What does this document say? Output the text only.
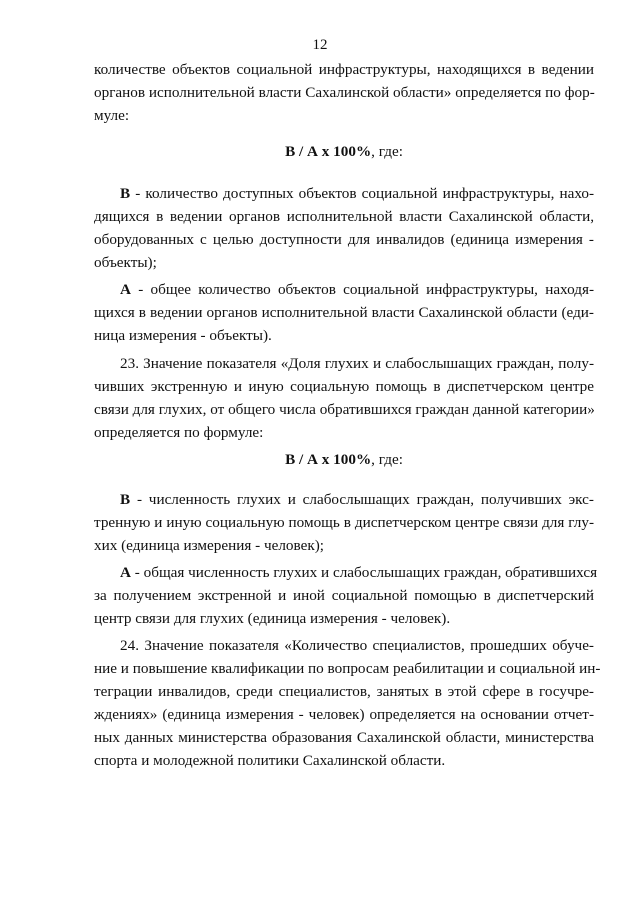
12
количестве объектов социальной инфраструктуры, находящихся в ведении
органов исполнительной власти Сахалинской области» определяется по фор-
муле:
В / А х 100%, где:
В - количество доступных объектов социальной инфраструктуры, нахо-
дящихся в ведении органов исполнительной власти Сахалинской области,
оборудованных с целью доступности для инвалидов (единица измерения -
объекты);
А - общее количество объектов социальной инфраструктуры, находя-
щихся в ведении органов исполнительной власти Сахалинской области (еди-
ница измерения - объекты).
23. Значение показателя «Доля глухих и слабослышащих граждан, полу-
чивших экстренную и иную социальную помощь в диспетчерском центре
связи для глухих, от общего числа обратившихся граждан данной категории»
определяется по формуле:
В / А х 100%, где:
В - численность глухих и слабослышащих граждан, получивших экс-
тренную и иную социальную помощь в диспетчерском центре связи для глу-
хих (единица измерения - человек);
А - общая численность глухих и слабослышащих граждан, обратившихся
за получением экстренной и иной социальной помощью в диспетчерский
центр связи для глухих (единица измерения - человек).
24. Значение показателя «Количество специалистов, прошедших обуче-
ние и повышение квалификации по вопросам реабилитации и социальной ин-
теграции инвалидов, среди специалистов, занятых в этой сфере в госучре-
ждениях» (единица измерения - человек) определяется на основании отчет-
ных данных министерства образования Сахалинской области, министерства
спорта и молодежной политики Сахалинской области.
